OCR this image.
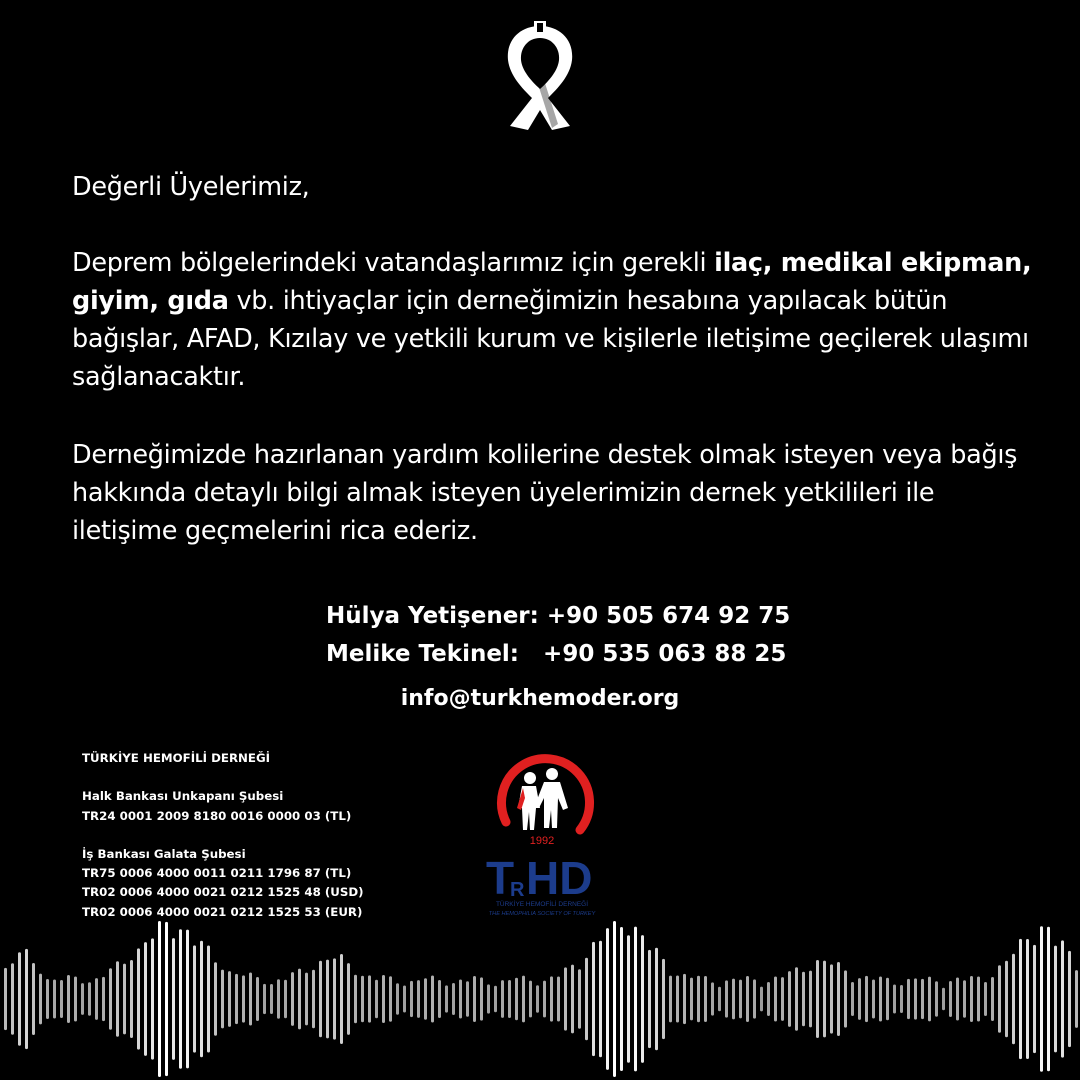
Değerli Üyelerimiz,

Deprem bölgelerindeki vatandaşlarımız için gerekli ilaç, medikal ekipman, giyim, gıda vb. ihtiyaçlar için derneğimizin hesabına yapılacak bütün bağışlar, AFAD, Kızılay ve yetkili kurum ve kişilerle iletişime geçilerek ulaşımı sağlanacaktır.

Derneğimizde hazırlanan yardım kolilerine destek olmak isteyen veya bağış hakkında detaylı bilgi almak isteyen üyelerimizin dernek yetkilileri ile iletişime geçmelerini rica ederiz.

Hülya Yetişener: +90 505 674 92 75
Melike Tekinel: +90 535 063 88 25
info@turkhemoder.org
TÜRKİYE HEMOFİLİ DERNEĞİ
Halk Bankası Unkapanı Şubesi
TR24 0001 2009 8180 0016 0000 03 (TL)
İş Bankası Galata Şubesi
TR75 0006 4000 0011 0211 1796 87 (TL)
TR02 0006 4000 0021 0212 1525 48 (USD)
TR02 0006 4000 0021 0212 1525 53 (EUR)
1992
T
R HD
TÜRKİYE HEMOFİLİ DERNEĞİ
THE HEMOPHILIA SOCIETY OF TURKEY
